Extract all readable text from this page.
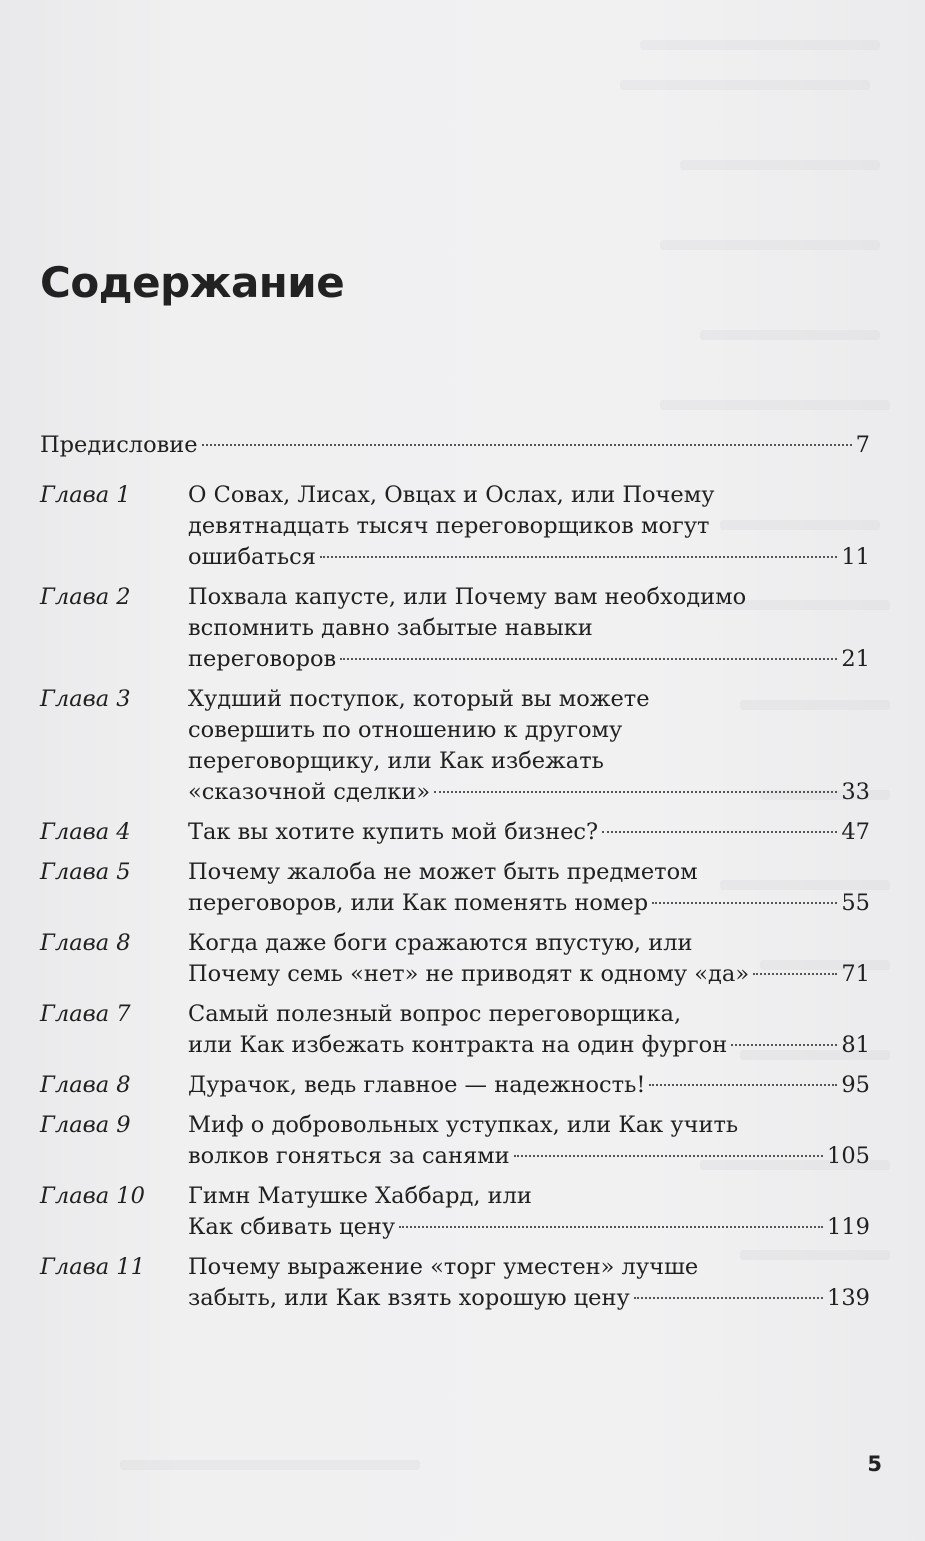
Содержание
Предисловие	7
Глава 1	О Совах, Лисах, Овцах и Ослах, или Почему
девятнадцать тысяч переговорщиков могут
ошибаться	11
Глава 2	Похвала капусте, или Почему вам необходимо
вспомнить давно забытые навыки
переговоров	21
Глава 3	Худший поступок, который вы можете
совершить по отношению к другому
переговорщику, или Как избежать
«сказочной сделки»	33
Глава 4	Так вы хотите купить мой бизнес?	47
Глава 5	Почему жалоба не может быть предметом
переговоров, или Как поменять номер	55
Глава 8	Когда даже боги сражаются впустую, или
Почему семь «нет» не приводят к одному «да»	71
Глава 7	Самый полезный вопрос переговорщика,
или Как избежать контракта на один фургон	81
Глава 8	Дурачок, ведь главное — надежность!	95
Глава 9	Миф о добровольных уступках, или Как учить
волков гоняться за санями	105
Глава 10	Гимн Матушке Хаббард, или
Как сбивать цену	119
Глава 11	Почему выражение «торг уместен» лучше
забыть, или Как взять хорошую цену	139
5
